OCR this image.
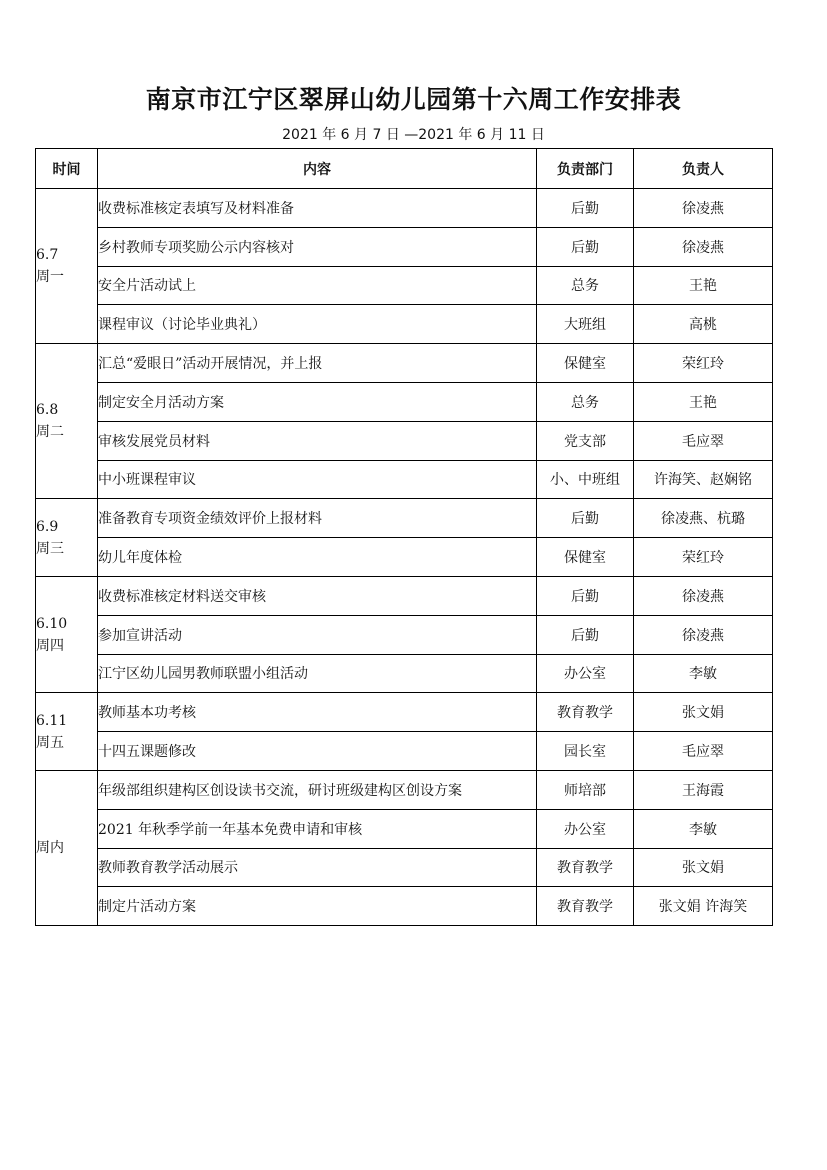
南京市江宁区翠屏山幼儿园第十六周工作安排表
2021 年 6 月 7 日 —2021 年 6 月 11 日
时间	内容	负责部门	负责人

6.7
周一	收费标准核定表填写及材料准备	后勤	徐凌燕
	乡村教师专项奖励公示内容核对	后勤	徐凌燕
	安全片活动试上	总务	王艳
	课程审议（讨论毕业典礼）	大班组	高桃

6.8
周二	汇总“爱眼日”活动开展情况，并上报	保健室	荣红玲
	制定安全月活动方案	总务	王艳
	审核发展党员材料	党支部	毛应翠
	中小班课程审议	小、中班组	许海笑、赵娴铭

6.9
周三	准备教育专项资金绩效评价上报材料	后勤	徐凌燕、杭璐
	幼儿年度体检	保健室	荣红玲

6.10
周四	收费标准核定材料送交审核	后勤	徐凌燕
	参加宣讲活动	后勤	徐凌燕
	江宁区幼儿园男教师联盟小组活动	办公室	李敏

6.11
周五	教师基本功考核	教育教学	张文娟
	十四五课题修改	园长室	毛应翠

周内	年级部组织建构区创设读书交流，研讨班级建构区创设方案	师培部	王海霞
	2021 年秋季学前一年基本免费申请和审核	办公室	李敏
	教师教育教学活动展示	教育教学	张文娟
	制定片活动方案	教育教学	张文娟 许海笑
